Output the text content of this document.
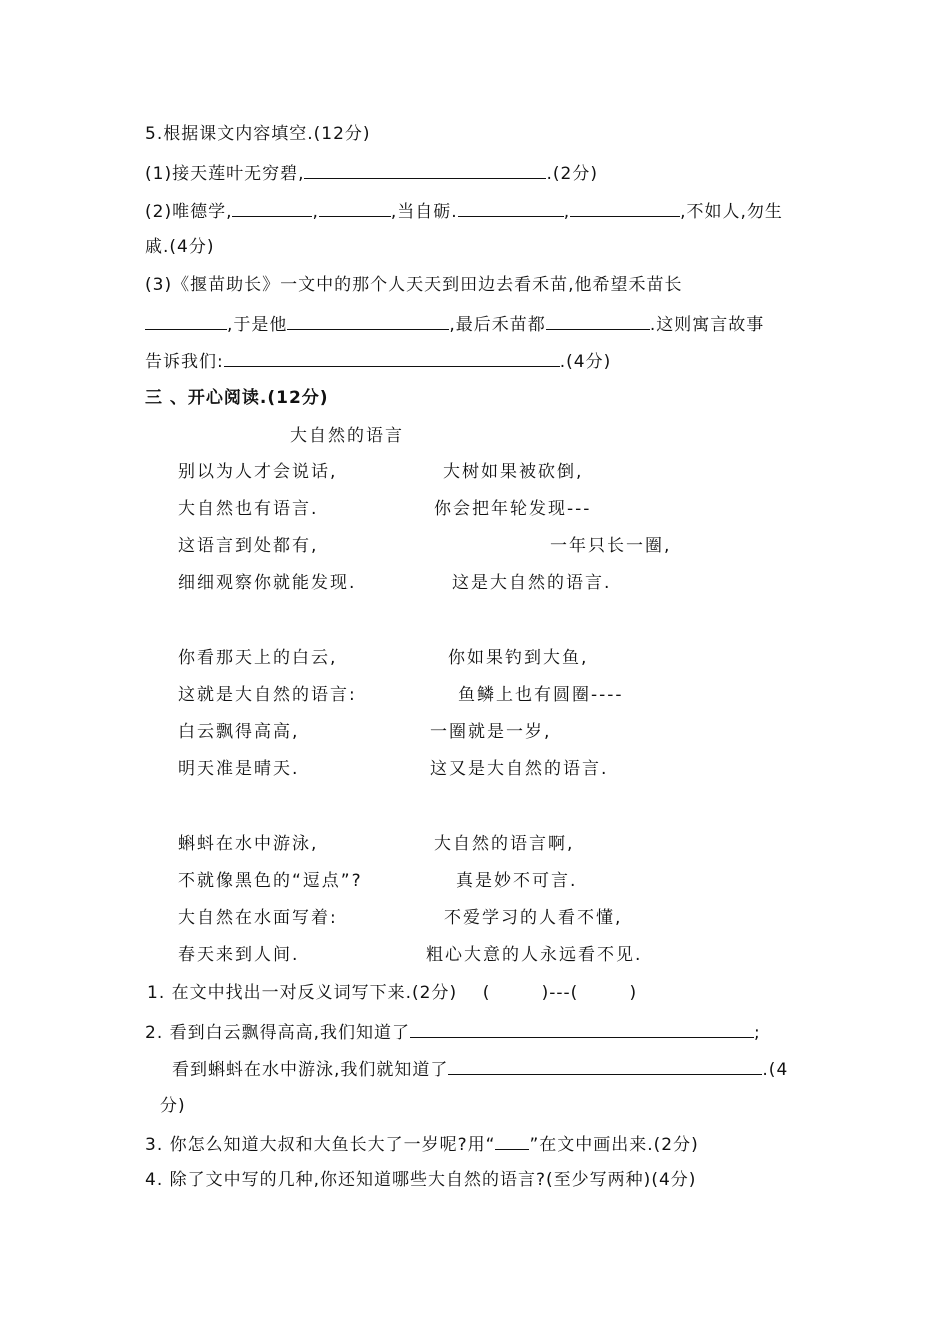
5.根据课文内容填空.(12分)
(1)接天莲叶无穷碧,	.(2分)
(2)唯德学,	,	,当自砺.	,	,不如人,勿生
戚.(4分)
(3)《揠苗助长》一文中的那个人天天到田边去看禾苗,他希望禾苗长
,于是他	,最后禾苗都	.这则寓言故事
告诉我们:	.(4分)
三 、开心阅读.(12分)
大自然的语言
别以为人才会说话,
大自然也有语言.
这语言到处都有,
细细观察你就能发现.
大树如果被砍倒,
你会把年轮发现---
一年只长一圈,
这是大自然的语言.
你看那天上的白云,
这就是大自然的语言:
白云飘得高高,
明天准是晴天.
你如果钓到大鱼,
鱼鳞上也有圆圈----
一圈就是一岁,
这又是大自然的语言.
蝌蚪在水中游泳,
不就像黑色的“逗点”?
大自然在水面写着:
春天来到人间.
大自然的语言啊,
真是妙不可言.
不爱学习的人看不懂,
粗心大意的人永远看不见.
1. 在文中找出一对反义词写下来.(2分)    (        )---(        )
2. 看到白云飘得高高,我们知道了	;
看到蝌蚪在水中游泳,我们就知道了	.(4
分)
3. 你怎么知道大叔和大鱼长大了一岁呢?用“ ”在文中画出来.(2分)
4. 除了文中写的几种,你还知道哪些大自然的语言?(至少写两种)(4分)
